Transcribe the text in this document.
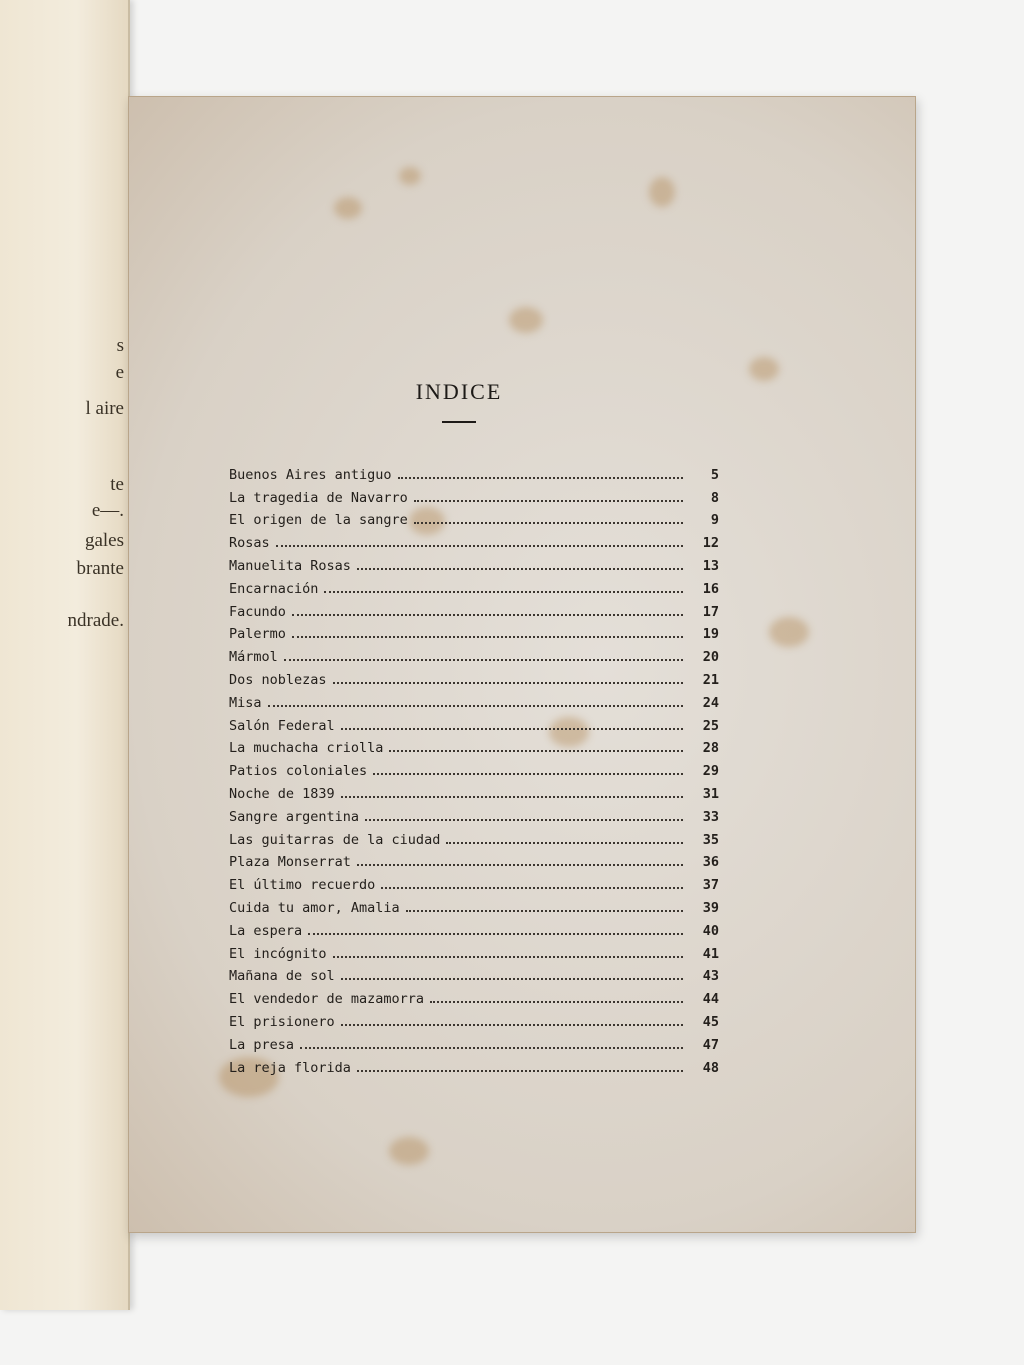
s
e
l aire
te
e—.
gales
brante
ndrade.
INDICE
Buenos Aires antiguo	5
La tragedia de Navarro	8
El origen de la sangre	9
Rosas	12
Manuelita Rosas	13
Encarnación	16
Facundo	17
Palermo	19
Mármol	20
Dos noblezas	21
Misa	24
Salón Federal	25
La muchacha criolla	28
Patios coloniales	29
Noche de 1839	31
Sangre argentina	33
Las guitarras de la ciudad	35
Plaza Monserrat	36
El último recuerdo	37
Cuida tu amor, Amalia	39
La espera	40
El incógnito	41
Mañana de sol	43
El vendedor de mazamorra	44
El prisionero	45
La presa	47
La reja florida	48
